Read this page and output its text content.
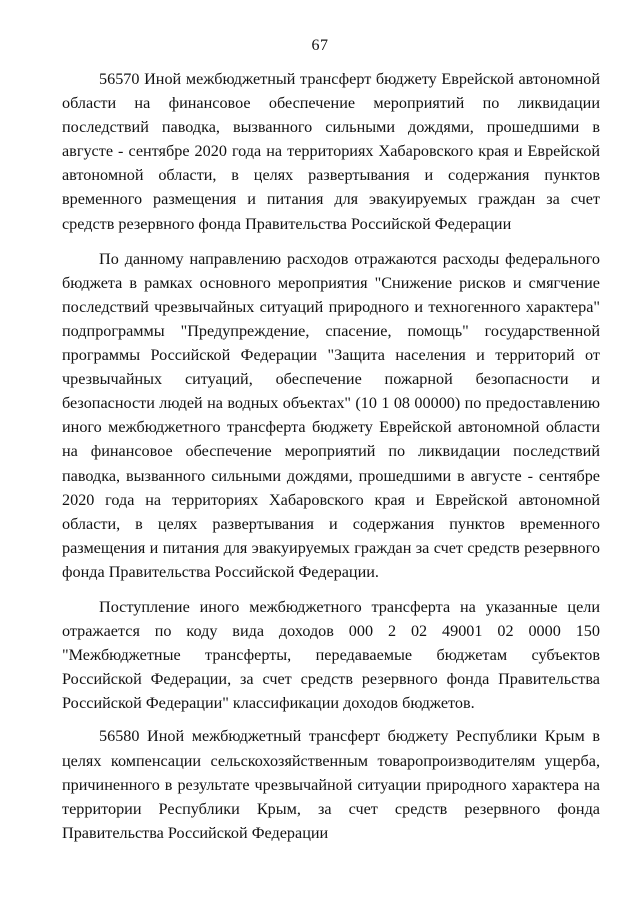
67

56570 Иной межбюджетный трансферт бюджету Еврейской автономной области на финансовое обеспечение мероприятий по ликвидации последствий паводка, вызванного сильными дождями, прошедшими в августе - сентябре 2020 года на территориях Хабаровского края и Еврейской автономной области, в целях развертывания и содержания пунктов временного размещения и питания для эвакуируемых граждан за счет средств резервного фонда Правительства Российской Федерации

По данному направлению расходов отражаются расходы федерального бюджета в рамках основного мероприятия "Снижение рисков и смягчение последствий чрезвычайных ситуаций природного и техногенного характера" подпрограммы "Предупреждение, спасение, помощь" государственной программы Российской Федерации "Защита населения и территорий от чрезвычайных ситуаций, обеспечение пожарной безопасности и безопасности людей на водных объектах" (10 1 08 00000) по предоставлению иного межбюджетного трансферта бюджету Еврейской автономной области на финансовое обеспечение мероприятий по ликвидации последствий паводка, вызванного сильными дождями, прошедшими в августе - сентябре 2020 года на территориях Хабаровского края и Еврейской автономной области, в целях развертывания и содержания пунктов временного размещения и питания для эвакуируемых граждан за счет средств резервного фонда Правительства Российской Федерации.

Поступление иного межбюджетного трансферта на указанные цели отражается по коду вида доходов 000 2 02 49001 02 0000 150 "Межбюджетные трансферты, передаваемые бюджетам субъектов Российской Федерации, за счет средств резервного фонда Правительства Российской Федерации" классификации доходов бюджетов.

56580 Иной межбюджетный трансферт бюджету Республики Крым в целях компенсации сельскохозяйственным товаропроизводителям ущерба, причиненного в результате чрезвычайной ситуации природного характера на территории Республики Крым, за счет средств резервного фонда Правительства Российской Федерации
